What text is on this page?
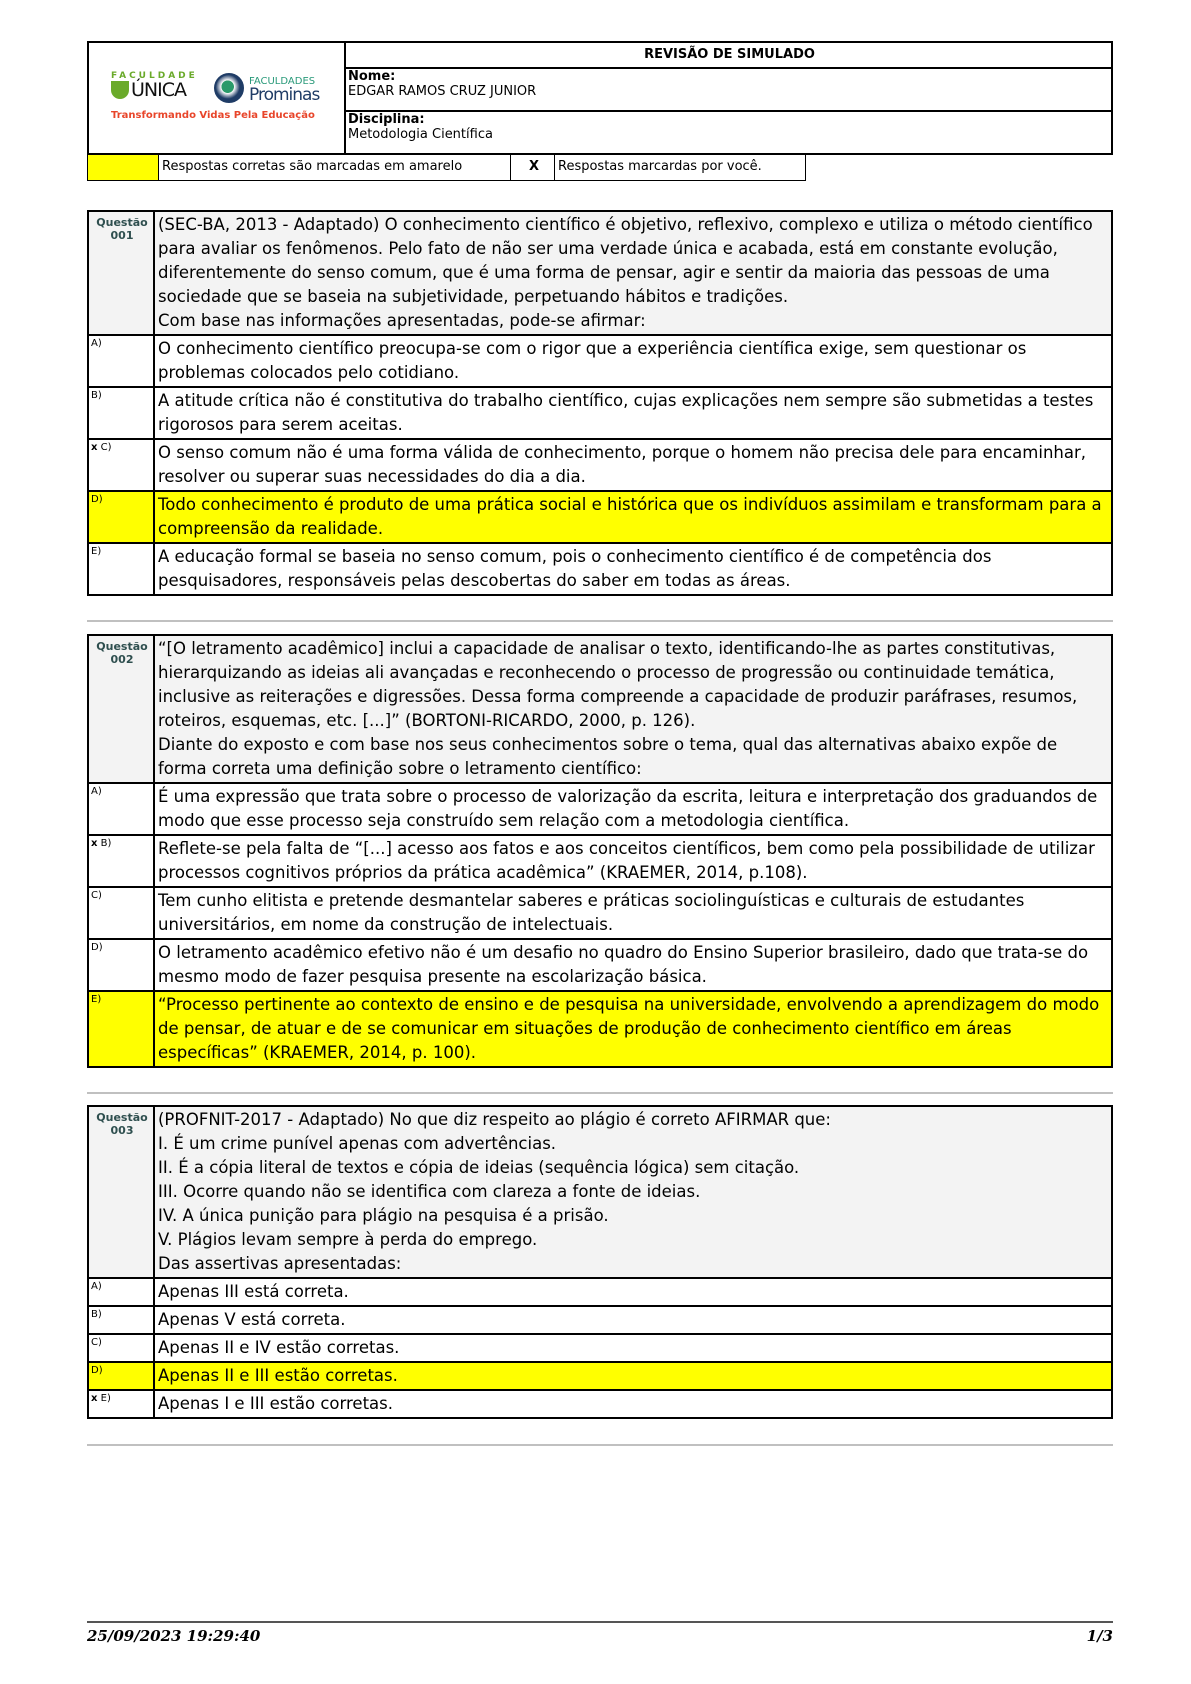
FACULDADE
ÚNICA	FACULDADES
Prominas
Transformando Vidas Pela Educação
REVISÃO DE SIMULADO
Nome:
EDGAR RAMOS CRUZ JUNIOR
Disciplina:
Metodologia Científica
Respostas corretas são marcadas em amarelo	X	Respostas marcardas por você.
Questão
001
(SEC-BA, 2013 - Adaptado) O conhecimento científico é objetivo, reflexivo, complexo e utiliza o método científico para avaliar os fenômenos. Pelo fato de não ser uma verdade única e acabada, está em constante evolução, diferentemente do senso comum, que é uma forma de pensar, agir e sentir da maioria das pessoas de uma sociedade que se baseia na subjetividade, perpetuando hábitos e tradições.
Com base nas informações apresentadas, pode-se afirmar:
A)	O conhecimento científico preocupa-se com o rigor que a experiência científica exige, sem questionar os problemas colocados pelo cotidiano.
B)	A atitude crítica não é constitutiva do trabalho científico, cujas explicações nem sempre são submetidas a testes rigorosos para serem aceitas.
x C)	O senso comum não é uma forma válida de conhecimento, porque o homem não precisa dele para encaminhar, resolver ou superar suas necessidades do dia a dia.
D)	Todo conhecimento é produto de uma prática social e histórica que os indivíduos assimilam e transformam para a compreensão da realidade.
E)	A educação formal se baseia no senso comum, pois o conhecimento científico é de competência dos pesquisadores, responsáveis pelas descobertas do saber em todas as áreas.
Questão
002
“[O letramento acadêmico] inclui a capacidade de analisar o texto, identificando-lhe as partes constitutivas, hierarquizando as ideias ali avançadas e reconhecendo o processo de progressão ou continuidade temática, inclusive as reiterações e digressões. Dessa forma compreende a capacidade de produzir paráfrases, resumos, roteiros, esquemas, etc. [...]” (BORTONI-RICARDO, 2000, p. 126).
Diante do exposto e com base nos seus conhecimentos sobre o tema, qual das alternativas abaixo expõe de forma correta uma definição sobre o letramento científico:
A)	É uma expressão que trata sobre o processo de valorização da escrita, leitura e interpretação dos graduandos de modo que esse processo seja construído sem relação com a metodologia científica.
x B)	Reflete-se pela falta de “[...] acesso aos fatos e aos conceitos científicos, bem como pela possibilidade de utilizar processos cognitivos próprios da prática acadêmica” (KRAEMER, 2014, p.108).
C)	Tem cunho elitista e pretende desmantelar saberes e práticas sociolinguísticas e culturais de estudantes universitários, em nome da construção de intelectuais.
D)	O letramento acadêmico efetivo não é um desafio no quadro do Ensino Superior brasileiro, dado que trata-se do mesmo modo de fazer pesquisa presente na escolarização básica.
E)	“Processo pertinente ao contexto de ensino e de pesquisa na universidade, envolvendo a aprendizagem do modo de pensar, de atuar e de se comunicar em situações de produção de conhecimento científico em áreas específicas” (KRAEMER, 2014, p. 100).
Questão
003
(PROFNIT-2017 - Adaptado) No que diz respeito ao plágio é correto AFIRMAR que:
I. É um crime punível apenas com advertências.
II. É a cópia literal de textos e cópia de ideias (sequência lógica) sem citação.
III. Ocorre quando não se identifica com clareza a fonte de ideias.
IV. A única punição para plágio na pesquisa é a prisão.
V. Plágios levam sempre à perda do emprego.
Das assertivas apresentadas:
A)	Apenas III está correta.
B)	Apenas V está correta.
C)	Apenas II e IV estão corretas.
D)	Apenas II e III estão corretas.
x E)	Apenas I e III estão corretas.
25/09/2023 19:29:40	1/3
